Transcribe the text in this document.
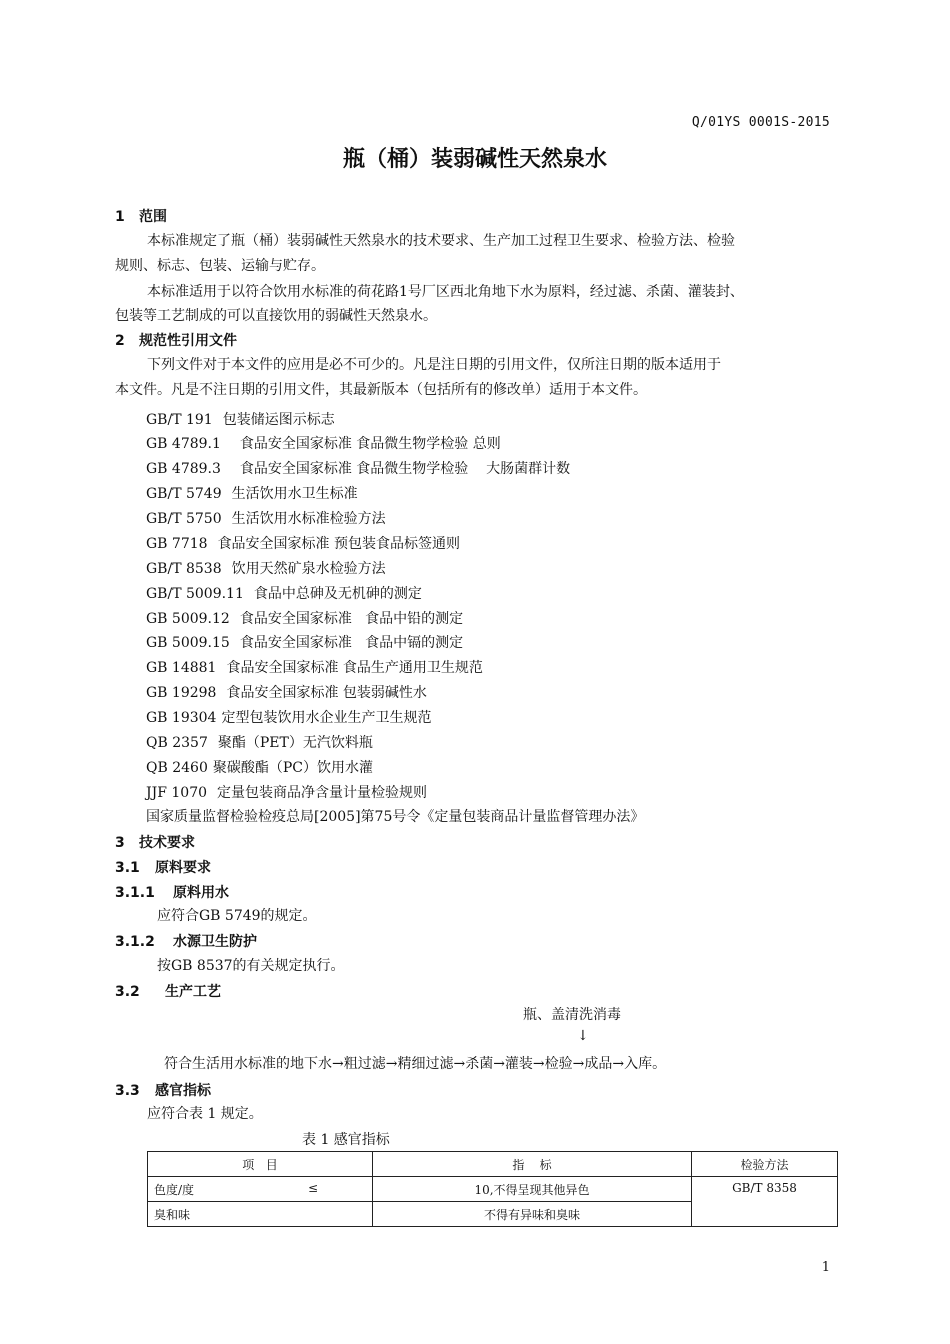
Q/01YS 0001S-2015
瓶（桶）装弱碱性天然泉水
1 范围
本标准规定了瓶（桶）装弱碱性天然泉水的技术要求、生产加工过程卫生要求、检验方法、检验
规则、标志、包装、运输与贮存。
本标准适用于以符合饮用水标准的荷花路1号厂区西北角地下水为原料，经过滤、杀菌、灌装封、
包装等工艺制成的可以直接饮用的弱碱性天然泉水。
2 规范性引用文件
下列文件对于本文件的应用是必不可少的。凡是注日期的引用文件，仅所注日期的版本适用于
本文件。凡是不注日期的引用文件，其最新版本（包括所有的修改单）适用于本文件。
GB/T 191 包装储运图示标志
GB 4789.1  食品安全国家标准 食品微生物学检验 总则
GB 4789.3  食品安全国家标准 食品微生物学检验    大肠菌群计数
GB/T 5749 生活饮用水卫生标准
GB/T 5750 生活饮用水标准检验方法
GB 7718 食品安全国家标准 预包装食品标签通则
GB/T 8538 饮用天然矿泉水检验方法
GB/T 5009.11 食品中总砷及无机砷的测定
GB 5009.12 食品安全国家标准   食品中铅的测定
GB 5009.15 食品安全国家标准   食品中镉的测定
GB 14881 食品安全国家标准 食品生产通用卫生规范
GB 19298 食品安全国家标准 包装弱碱性水
GB 19304 定型包装饮用水企业生产卫生规范
QB 2357 聚酯（PET）无汽饮料瓶
QB 2460 聚碳酸酯（PC）饮用水灌
JJF 1070 定量包装商品净含量计量检验规则
国家质量监督检验检疫总局[2005]第75号令《定量包装商品计量监督管理办法》
3 技术要求
3.1 原料要求
3.1.1 原料用水
应符合GB 5749的规定。
3.1.2 水源卫生防护
按GB 8537的有关规定执行。
3.2 生产工艺
瓶、盖清洗消毒
↓
符合生活用水标准的地下水→粗过滤→精细过滤→杀菌→灌装→检验→成品→入库。
3.3 感官指标
应符合表 1 规定。
表 1 感官指标
项   目	指    标	检验方法
色度/度 ≤	10,不得呈现其他异色	GB/T 8358
臭和味	不得有异味和臭味	
1
